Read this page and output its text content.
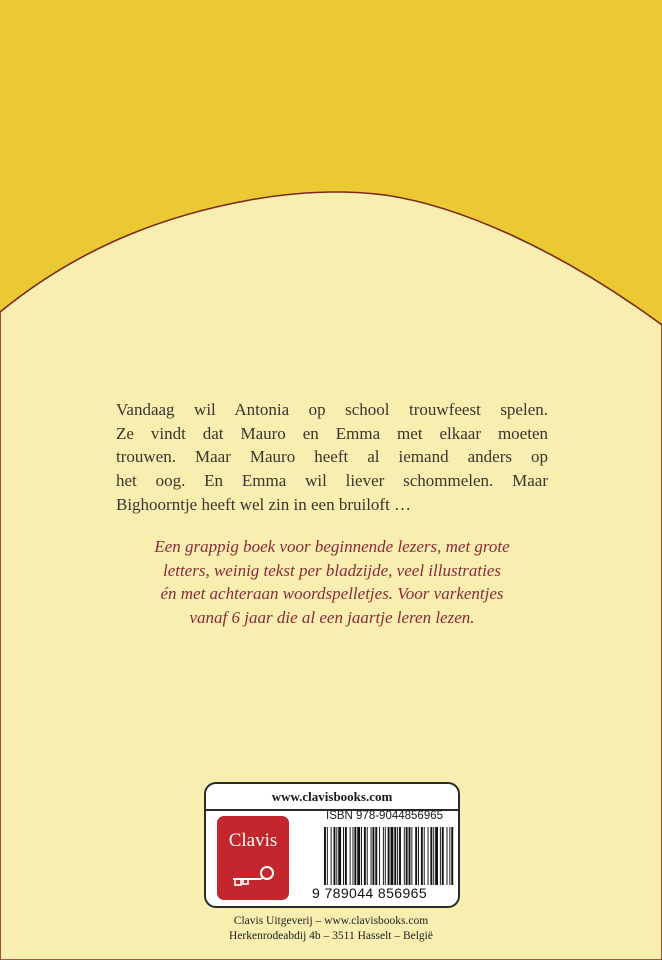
Vandaag wil Antonia op school trouwfeest spelen.
Ze vindt dat Mauro en Emma met elkaar moeten
trouwen. Maar Mauro heeft al iemand anders op
het oog. En Emma wil liever schommelen. Maar
Bighoorntje heeft wel zin in een bruiloft …

Een grappig boek voor beginnende lezers, met grote
letters, weinig tekst per bladzijde, veel illustraties
én met achteraan woordspelletjes. Voor varkentjes
vanaf 6 jaar die al een jaartje leren lezen.

www.clavisbooks.com
Clavis
ISBN 978-9044856965
9 789044 856965

Clavis Uitgeverij – www.clavisbooks.com
Herkenrodeabdij 4b – 3511 Hasselt – België
